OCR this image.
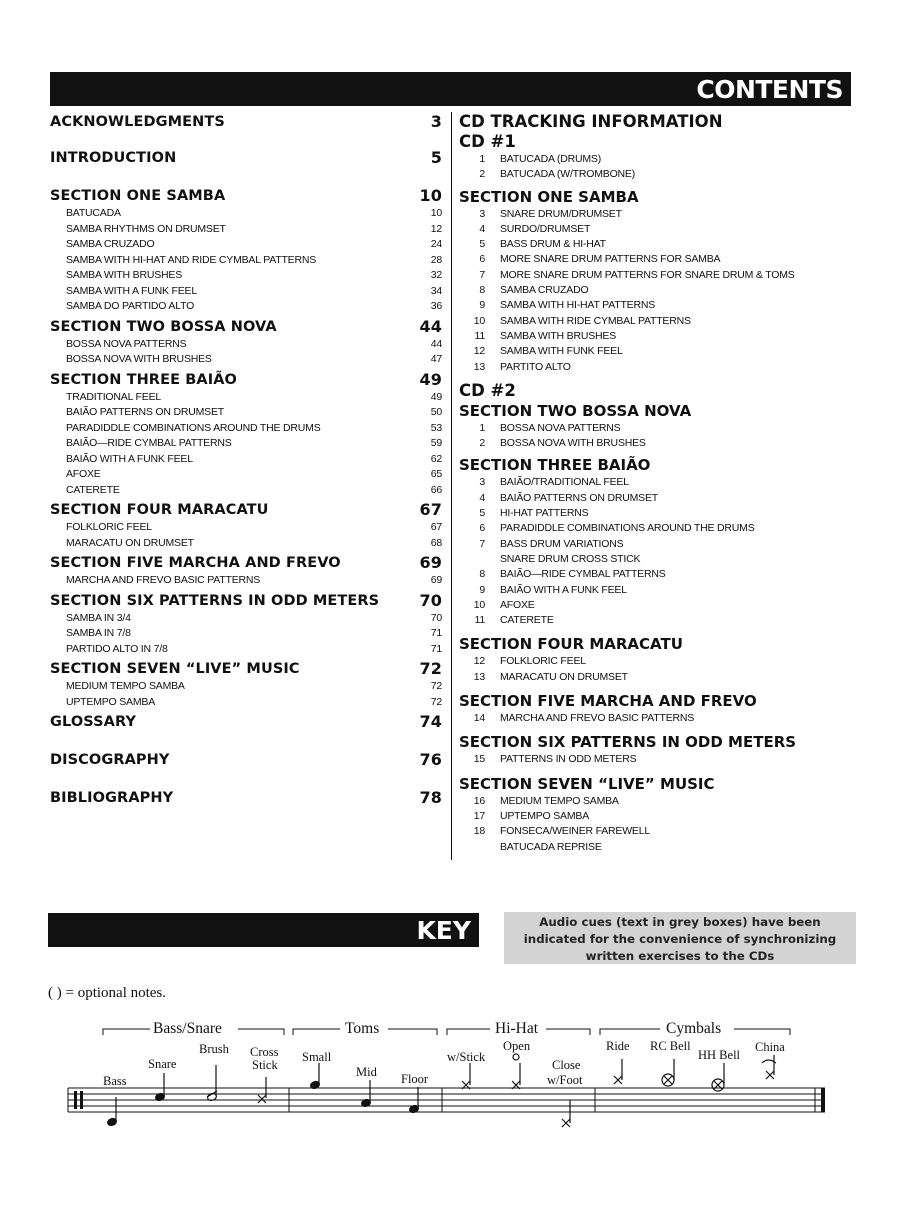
CONTENTS
ACKNOWLEDGMENTS	3
INTRODUCTION	5
SECTION ONE SAMBA	10
BATUCADA	10
SAMBA RHYTHMS ON DRUMSET	12
SAMBA CRUZADO	24
SAMBA WITH HI-HAT AND RIDE CYMBAL PATTERNS	28
SAMBA WITH BRUSHES	32
SAMBA WITH A FUNK FEEL	34
SAMBA DO PARTIDO ALTO	36
SECTION TWO BOSSA NOVA	44
BOSSA NOVA PATTERNS	44
BOSSA NOVA WITH BRUSHES	47
SECTION THREE BAIÃO	49
TRADITIONAL FEEL	49
BAIÃO PATTERNS ON DRUMSET	50
PARADIDDLE COMBINATIONS AROUND THE DRUMS	53
BAIÃO—RIDE CYMBAL PATTERNS	59
BAIÃO WITH A FUNK FEEL	62
AFOXE	65
CATERETE	66
SECTION FOUR MARACATU	67
FOLKLORIC FEEL	67
MARACATU ON DRUMSET	68
SECTION FIVE MARCHA AND FREVO	69
MARCHA AND FREVO BASIC PATTERNS	69
SECTION SIX PATTERNS IN ODD METERS	70
SAMBA IN 3/4	70
SAMBA IN 7/8	71
PARTIDO ALTO IN 7/8	71
SECTION SEVEN “LIVE” MUSIC	72
MEDIUM TEMPO SAMBA	72
UPTEMPO SAMBA	72
GLOSSARY	74
DISCOGRAPHY	76
BIBLIOGRAPHY	78
CD TRACKING INFORMATION
CD #1
1 BATUCADA (DRUMS)
2 BATUCADA (W/TROMBONE)
SECTION ONE SAMBA
3 SNARE DRUM/DRUMSET
4 SURDO/DRUMSET
5 BASS DRUM & HI-HAT
6 MORE SNARE DRUM PATTERNS FOR SAMBA
7 MORE SNARE DRUM PATTERNS FOR SNARE DRUM & TOMS
8 SAMBA CRUZADO
9 SAMBA WITH HI-HAT PATTERNS
10 SAMBA WITH RIDE CYMBAL PATTERNS
11 SAMBA WITH BRUSHES
12 SAMBA WITH FUNK FEEL
13 PARTITO ALTO
CD #2
SECTION TWO BOSSA NOVA
1 BOSSA NOVA PATTERNS
2 BOSSA NOVA WITH BRUSHES
SECTION THREE BAIÃO
3 BAIÃO/TRADITIONAL FEEL
4 BAIÃO PATTERNS ON DRUMSET
5 HI-HAT PATTERNS
6 PARADIDDLE COMBINATIONS AROUND THE DRUMS
7 BASS DRUM VARIATIONS
SNARE DRUM CROSS STICK
8 BAIÃO—RIDE CYMBAL PATTERNS
9 BAIÃO WITH A FUNK FEEL
10 AFOXE
11 CATERETE
SECTION FOUR MARACATU
12 FOLKLORIC FEEL
13 MARACATU ON DRUMSET
SECTION FIVE MARCHA AND FREVO
14 MARCHA AND FREVO BASIC PATTERNS
SECTION SIX PATTERNS IN ODD METERS
15 PATTERNS IN ODD METERS
SECTION SEVEN “LIVE” MUSIC
16 MEDIUM TEMPO SAMBA
17 UPTEMPO SAMBA
18 FONSECA/WEINER FAREWELL
BATUCADA REPRISE
KEY	Audio cues (text in grey boxes) have been indicated for the convenience of synchronizing written exercises to the CDs
( ) = optional notes.
Bass/Snare	Toms	Hi-Hat	Cymbals
Bass
Snare
Brush Cross
Stick
Small
Mid Floor
w/Stick
Open
Close
w/Foot
Ride RC Bell
HH Bell
China
